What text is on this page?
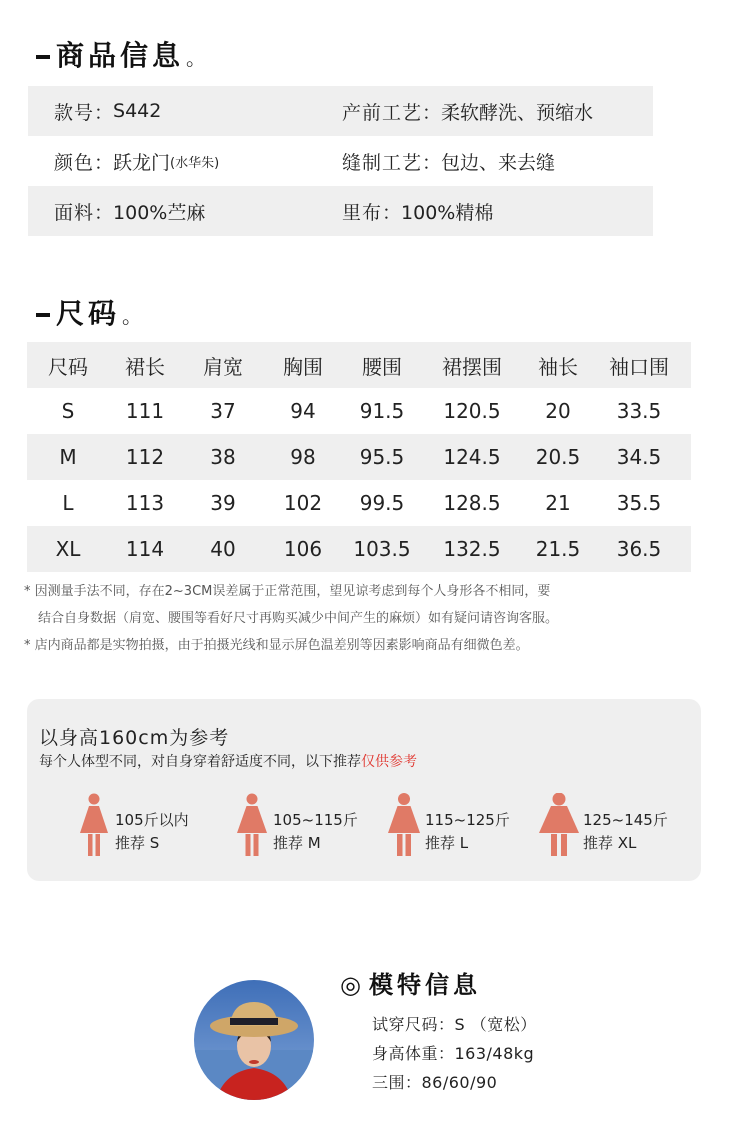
商品信息 。
款号 ： S442	产前工艺 ： 柔软酵洗、预缩水
颜色 ： 跃龙门 (水华朱)	缝制工艺 ： 包边、来去缝
面料 ： 100%苎麻	里布 ： 100%精棉
尺码 。
尺码	裙长	肩宽	胸围	腰围	裙摆围	袖长	袖口围
S	111	37	94	91.5	120.5	20	33.5
M	112	38	98	95.5	124.5	20.5	34.5
L	113	39	102	99.5	128.5	21	35.5
XL	114	40	106	103.5	132.5	21.5	36.5
* 因测量手法不同，存在2~3CM误差属于正常范围，望见谅考虑到每个人身形各不相同，要
结合自身数据（肩宽、腰围等看好尺寸再购买减少中间产生的麻烦）如有疑问请咨询客服。
* 店内商品都是实物拍摄，由于拍摄光线和显示屏色温差别等因素影响商品有细微色差。
以身高160cm为参考
每个人体型不同，对自身穿着舒适度不同，以下推荐仅供参考
105斤以内
推荐 S
105~115斤
推荐 M
115~125斤
推荐 L
125~145斤
推荐 XL
◎ 模特信息
试穿尺码：S （宽松）
身高体重：163/48kg
三围：86/60/90
